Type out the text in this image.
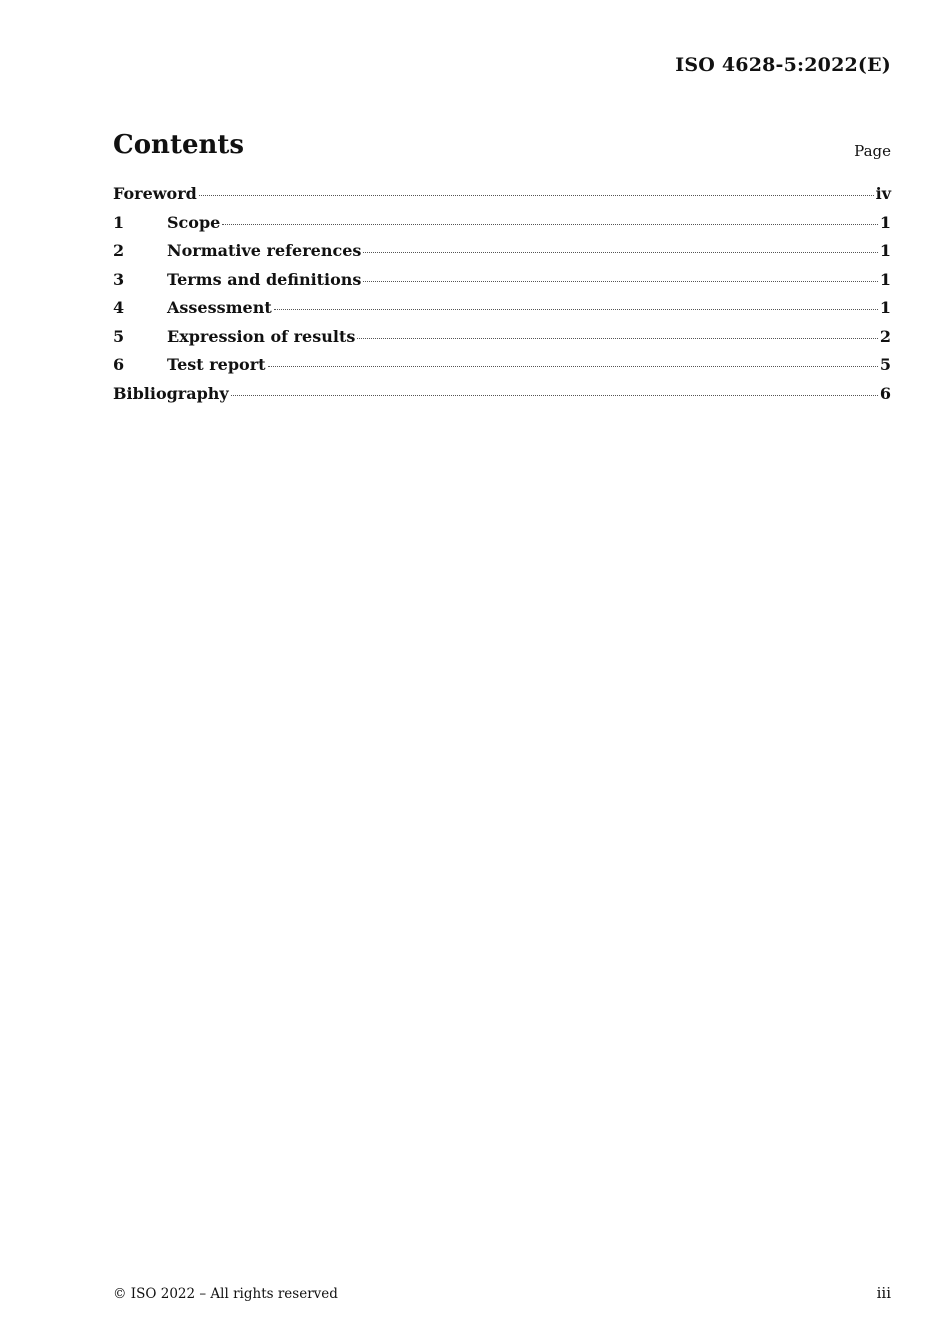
ISO 4628-5:2022(E)
Contents	Page
Foreword	iv
1	Scope	1
2	Normative references	1
3	Terms and definitions	1
4	Assessment	1
5	Expression of results	2
6	Test report	5
Bibliography	6
© ISO 2022 – All rights reserved	iii
